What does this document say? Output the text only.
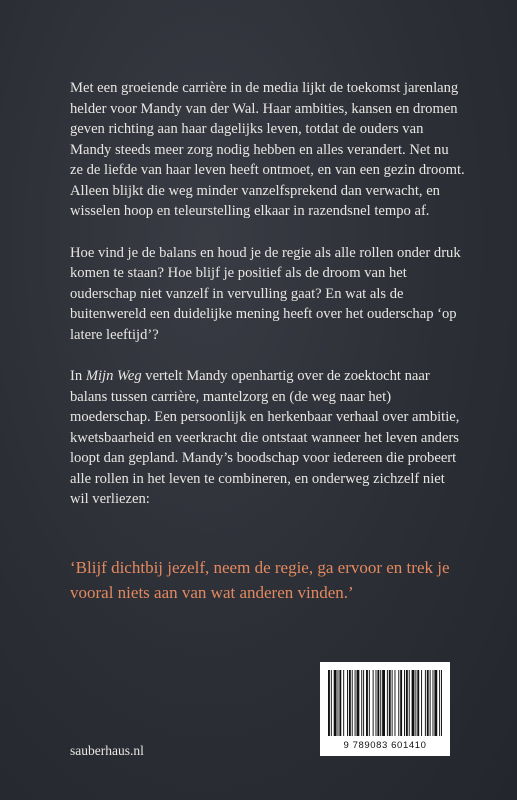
Met een groeiende carrière in de media lijkt de toekomst jarenlang helder voor Mandy van der Wal. Haar ambities, kansen en dromen geven richting aan haar dagelijks leven, totdat de ouders van Mandy steeds meer zorg nodig hebben en alles verandert. Net nu ze de liefde van haar leven heeft ontmoet, en van een gezin droomt. Alleen blijkt die weg minder vanzelfsprekend dan verwacht, en wisselen hoop en teleurstelling elkaar in razendsnel tempo af.

Hoe vind je de balans en houd je de regie als alle rollen onder druk komen te staan? Hoe blijf je positief als de droom van het ouderschap niet vanzelf in vervulling gaat? En wat als de buitenwereld een duidelijke mening heeft over het ouderschap ‘op latere leeftijd’?

In Mijn Weg vertelt Mandy openhartig over de zoektocht naar balans tussen carrière, mantelzorg en (de weg naar het) moederschap. Een persoonlijk en herkenbaar verhaal over ambitie, kwetsbaarheid en veerkracht die ontstaat wanneer het leven anders loopt dan gepland. Mandy’s boodschap voor iedereen die probeert alle rollen in het leven te combineren, en onderweg zichzelf niet wil verliezen:

‘Blijf dichtbij jezelf, neem de regie, ga ervoor en trek je vooral niets aan van wat anderen vinden.’
9 789083 601410
sauberhaus.nl
